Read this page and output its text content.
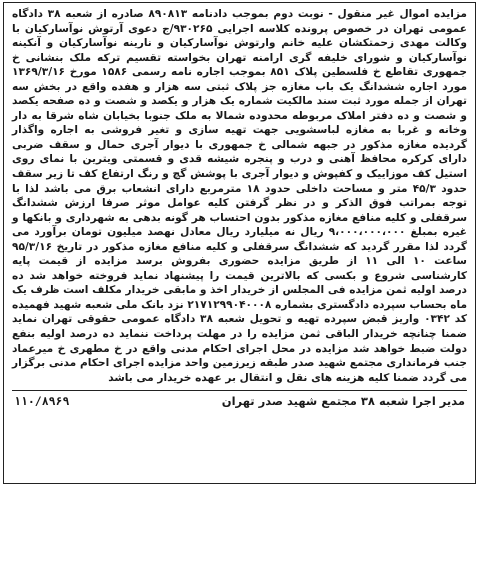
مزایده اموال غیر منقول - نوبت دوم بموجب دادنامه ۸۹۰۸۱۳ صادره از شعبه ۳۸ دادگاه عمومی تهران در خصوص پرونده کلاسه اجرایی ۹۳۰۲۶۵/ج دعوی آرتوش نوآسارکیان با وکالت مهدی زحمتکشان علیه خانم وارتوش نوآسارکیان و نارینه نوآسارکیان و آنکینه نوآسارکیان و شورای خلیفه گری ارامنه تهران بخواسته تقسیم ترکه ملک بنشانی خ جمهوری تقاطع خ فلسطین پلاک ۸۵۱ بموجب اجاره نامه رسمی ۱۵۸۶ مورخ ۱۳۶۹/۳/۱۶ مورد اجاره ششدانگ یک باب مغازه جز پلاک ثبتی سه هزار و هفده واقع در بخش سه تهران از جمله مورد ثبت سند مالکیت شماره یک هزار و یکصد و شصت و ده صفحه یکصد و شصت و ده دفتر املاک مربوطه محدوده شمالا به ملک جنوبا بخیابان شاه شرقا به دار وخانه و غربا به مغازه لباسشویی جهت تهیه سازی و تغیر فروشی به اجاره واگذار گردیده مغازه مذکور در جبهه شمالی خ جمهوری با دیوار آجری حمال و سقف ضربی دارای کرکره محافظ آهنی و درب و پنجره شیشه قدی و قسمتی ویترین با نمای روی استیل کف موزاییک و کفپوش و دیوار آجری با پوشش گچ و رنگ ارتفاع کف تا زیر سقف حدود ۴۵/۳ متر و مساحت داخلی حدود ۱۸ مترمربع دارای انشعاب برق می باشد لذا با توجه بمراتب فوق الذکر و در نظر گرفتن کلیه عوامل موثر صرفا ارزش ششدانگ سرقفلی و کلیه منافع مغازه مذکور بدون احتساب هر گونه بدهی به شهرداری و بانکها و غیره بمبلغ ۹،۰۰۰،۰۰۰،۰۰۰ ریال نه میلیارد ریال معادل نهصد میلیون تومان برآورد می گردد لذا مقرر گردید که ششدانگ سرقفلی و کلیه منافع مغازه مذکور در تاریخ ۹۵/۳/۱۶ ساعت ۱۰ الی ۱۱ از طریق مزایده حضوری بفروش برسد مزایده از قیمت پایه کارشناسی شروع و بکسی که بالاترین قیمت را پیشنهاد نماید فروخته خواهد شد ده درصد اولیه ثمن مزایده فی المجلس از خریدار اخذ و مابقی خریدار مکلف است ظرف یک ماه بحساب سپرده دادگستری بشماره ۲۱۷۱۲۹۹۰۴۰۰۰۸ نزد بانک ملی شعبه شهید فهمیده کد ۰۳۴۲ واریز قبض سپرده تهیه و تحویل شعبه ۳۸ دادگاه عمومی حقوقی تهران نماید ضمنا چنانچه خریدار الباقی ثمن مزایده را در مهلت پرداخت ننماید ده درصد اولیه بنفع دولت ضبط خواهد شد مزایده در محل اجرای احکام مدنی واقع در خ مطهری خ میرعماد جنب فرماندارى مجتمع شهید صدر طبقه زیرزمین واحد مزایده اجرای احکام مدنی برگزار می گردد ضمنا کلیه هزینه های نقل و انتقال بر عهده خریدار می باشد

مدیر اجرا شعبه ۳۸ مجتمع شهید صدر تهران
۱۱۰/۸۹۶۹
